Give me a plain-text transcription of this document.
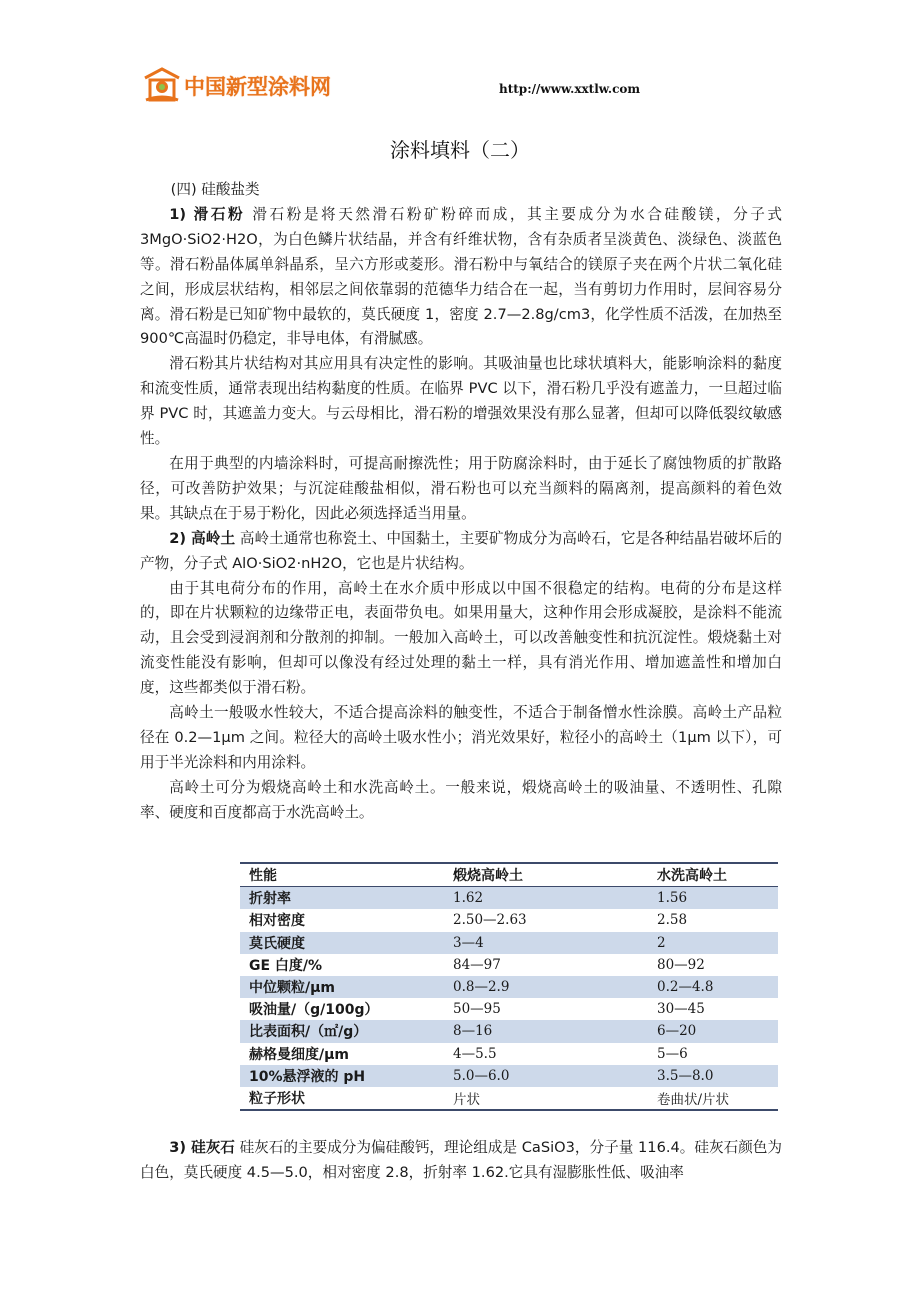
中国新型涂料网	http://www.xxtlw.com
涂料填料（二）

(四) 硅酸盐类

1) 滑石粉 滑石粉是将天然滑石粉矿粉碎而成，其主要成分为水合硅酸镁，分子式3MgO·SiO2·H2O，为白色鳞片状结晶，并含有纤维状物，含有杂质者呈淡黄色、淡绿色、淡蓝色等。滑石粉晶体属单斜晶系，呈六方形或菱形。滑石粉中与氧结合的镁原子夹在两个片状二氧化硅之间，形成层状结构，相邻层之间依靠弱的范德华力结合在一起，当有剪切力作用时，层间容易分离。滑石粉是已知矿物中最软的，莫氏硬度 1，密度 2.7—2.8g/cm3，化学性质不活泼，在加热至 900℃高温时仍稳定，非导电体，有滑腻感。

滑石粉其片状结构对其应用具有决定性的影响。其吸油量也比球状填料大，能影响涂料的黏度和流变性质，通常表现出结构黏度的性质。在临界 PVC 以下，滑石粉几乎没有遮盖力，一旦超过临界 PVC 时，其遮盖力变大。与云母相比，滑石粉的增强效果没有那么显著，但却可以降低裂纹敏感性。

在用于典型的内墙涂料时，可提高耐擦洗性；用于防腐涂料时，由于延长了腐蚀物质的扩散路径，可改善防护效果；与沉淀硅酸盐相似，滑石粉也可以充当颜料的隔离剂，提高颜料的着色效果。其缺点在于易于粉化，因此必须选择适当用量。

2) 高岭土 高岭土通常也称瓷土、中国黏土，主要矿物成分为高岭石，它是各种结晶岩破坏后的产物，分子式 AlO·SiO2·nH2O，它也是片状结构。

由于其电荷分布的作用，高岭土在水介质中形成以中国不很稳定的结构。电荷的分布是这样的，即在片状颗粒的边缘带正电，表面带负电。如果用量大，这种作用会形成凝胶，是涂料不能流动，且会受到浸润剂和分散剂的抑制。一般加入高岭土，可以改善触变性和抗沉淀性。煅烧黏土对流变性能没有影响，但却可以像没有经过处理的黏土一样，具有消光作用、增加遮盖性和增加白度，这些都类似于滑石粉。

高岭土一般吸水性较大，不适合提高涂料的触变性，不适合于制备憎水性涂膜。高岭土产品粒径在 0.2—1μm 之间。粒径大的高岭土吸水性小；消光效果好，粒径小的高岭土（1μm 以下），可用于半光涂料和内用涂料。

高岭土可分为煅烧高岭土和水洗高岭土。一般来说，煅烧高岭土的吸油量、不透明性、孔隙率、硬度和百度都高于水洗高岭土。

性能	煅烧高岭土	水洗高岭土
折射率	1.62	1.56
相对密度	2.50—2.63	2.58
莫氏硬度	3—4	2
GE 白度/%	84—97	80—92
中位颗粒/μm	0.8—2.9	0.2—4.8
吸油量/（g/100g）	50—95	30—45
比表面积/（㎡/g）	8—16	6—20
赫格曼细度/μm	4—5.5	5—6
10%悬浮液的 pH	5.0—6.0	3.5—8.0
粒子形状	片状	卷曲状/片状

3) 硅灰石 硅灰石的主要成分为偏硅酸钙，理论组成是 CaSiO3，分子量 116.4。硅灰石颜色为白色，莫氏硬度 4.5—5.0，相对密度 2.8，折射率 1.62.它具有湿膨胀性低、吸油率
